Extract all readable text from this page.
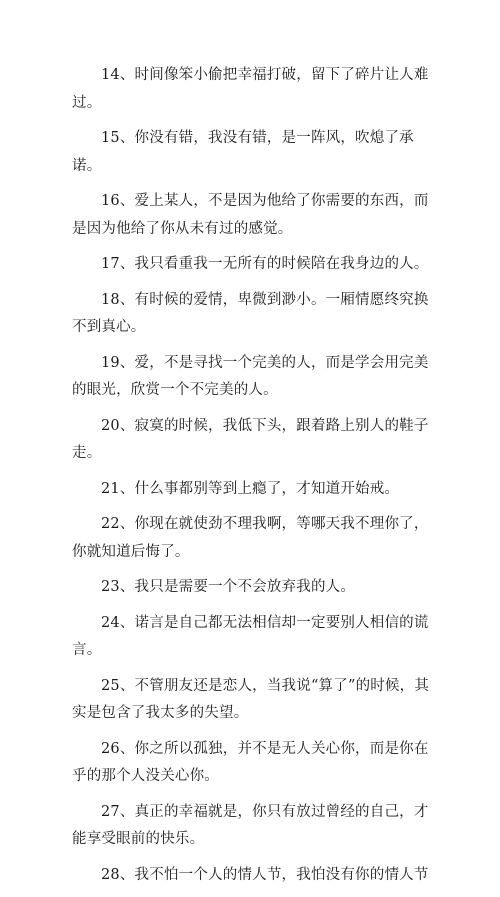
14、时间像笨小偷把幸福打破，留下了碎片让人难过。

15、你没有错，我没有错，是一阵风，吹熄了承诺。

16、爱上某人，不是因为他给了你需要的东西，而是因为他给了你从未有过的感觉。

17、我只看重我一无所有的时候陪在我身边的人。

18、有时候的爱情，卑微到渺小。一厢情愿终究换不到真心。

19、爱，不是寻找一个完美的人，而是学会用完美的眼光，欣赏一个不完美的人。

20、寂寞的时候，我低下头，跟着路上别人的鞋子走。

21、什么事都别等到上瘾了，才知道开始戒。

22、你现在就使劲不理我啊，等哪天我不理你了，你就知道后悔了。

23、我只是需要一个不会放弃我的人。

24、诺言是自己都无法相信却一定要别人相信的谎言。

25、不管朋友还是恋人，当我说“算了”的时候，其实是包含了我太多的失望。

26、你之所以孤独，并不是无人关心你，而是你在乎的那个人没关心你。

27、真正的幸福就是，你只有放过曾经的自己，才能享受眼前的快乐。

28、我不怕一个人的情人节，我怕没有你的情人节
